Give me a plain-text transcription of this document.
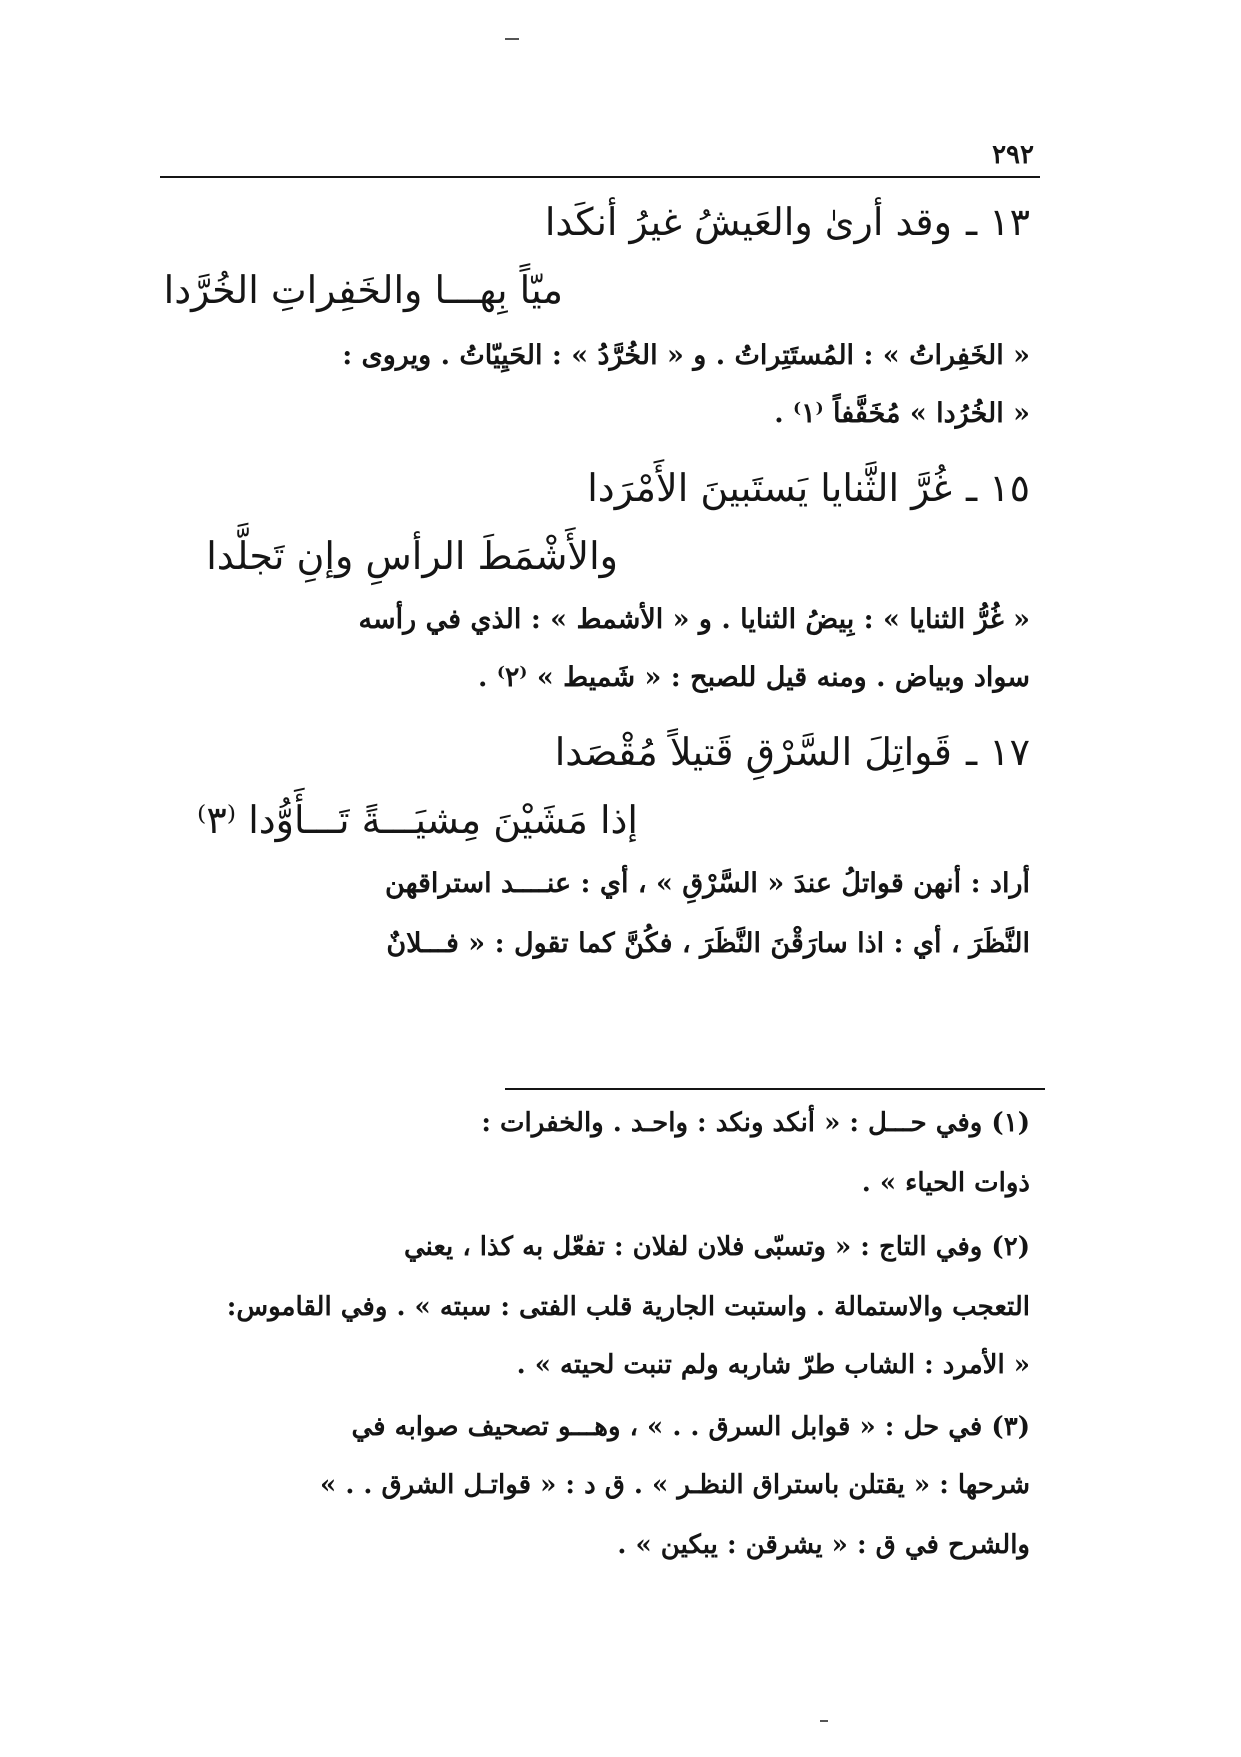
٢٩٢
١٣ ـوقد أرىٰ والعَيشُ غيرُ أنكَدا
ميّاً بِهـــا والخَفِراتِ الخُرَّدا
« الخَفِراتُ » : المُستَتِراتُ . و « الخُرَّدُ » : الحَيِيّاتُ . ويروى :
« الخُرُدا » مُخَفَّفاً ⁽١⁾ .
١٥ ـغُرَّ الثَّنايا يَستَبينَ الأَمْرَدا
والأَشْمَطَ الرأسِ وإنِ تَجلَّدا
« غُرُّ الثنايا » : بِيضُ الثنايا . و « الأشمط » : الذي في رأسه
سواد وبياض . ومنه قيل للصبح : « شَميط » ⁽٢⁾ .
١٧ ـقَواتِلَ السَّرْقِ قَتيلاً مُقْصَدا
إذا مَشَيْنَ مِشيَـــةً تَـــأَوُّدا ⁽٣⁾
أراد : أنهن قواتلُ عندَ « السَّرْقِ » ، أي : عنــــد استراقهن
النَّظَرَ ، أي : اذا سارَقْنَ النَّظَرَ ، فكُنَّ كما تقول : « فـــلانٌ
(١) وفي حـــل : « أنكد ونكد : واحـد . والخفرات :
ذوات الحياء » .
(٢) وفي التاج : « وتسبّى فلان لفلان : تفعّل به كذا ، يعني
التعجب والاستمالة . واستبت الجارية قلب الفتى : سبته » . وفي القاموس:
« الأمرد : الشاب طرّ شاربه ولم تنبت لحيته » .
(٣) في حل : « قوابل السرق . . » ، وهـــو تصحيف صوابه في
شرحها : « يقتلن باستراق النظـر » . ق د : « قواتـل الشرق . . »
والشرح في ق : « يشرقن : يبكين » .
